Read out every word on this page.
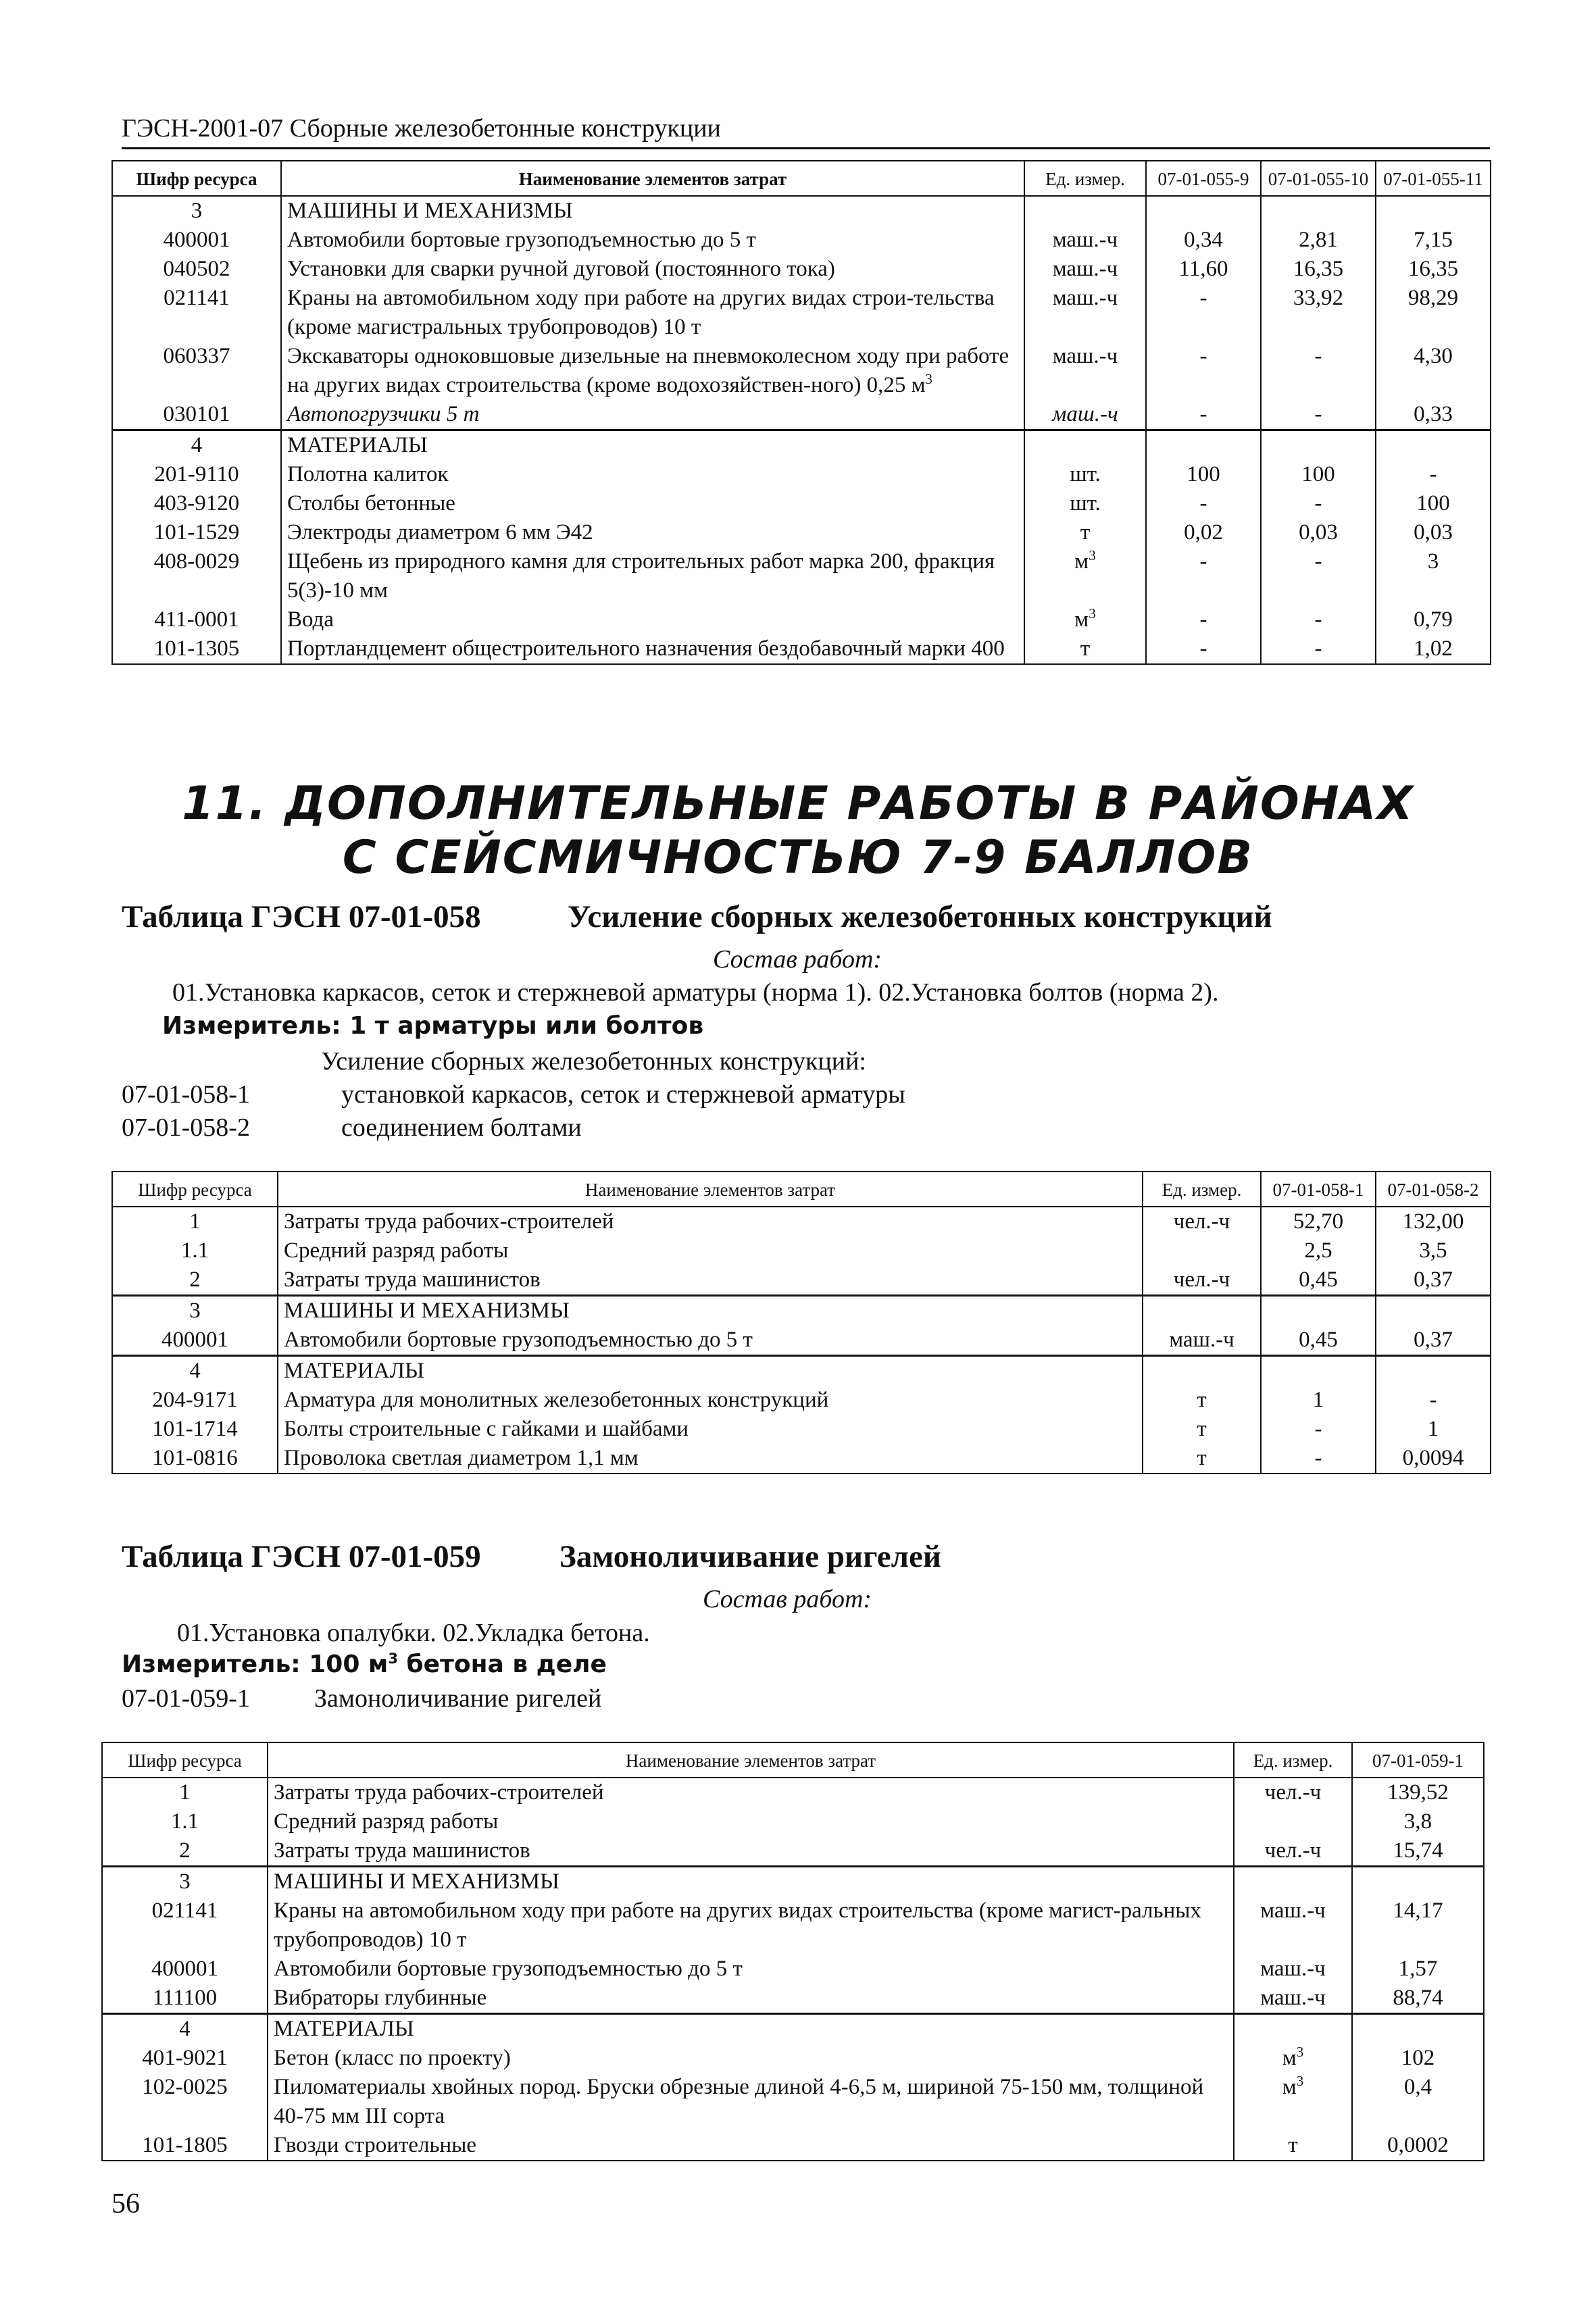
ГЭСН-2001-07 Сборные железобетонные конструкции
Шифр ресурса	Наименование элементов затрат	Ед. измер.	07-01-055-9	07-01-055-10	07-01-055-11
3	МАШИНЫ И МЕХАНИЗМЫ				
400001	Автомобили бортовые грузоподъемностью до 5 т	маш.-ч	0,34	2,81	7,15
040502	Установки для сварки ручной дуговой (постоянного тока)	маш.-ч	11,60	16,35	16,35
021141	Краны на автомобильном ходу при работе на других видах строи-тельства (кроме магистральных трубопроводов) 10 т	маш.-ч	-	33,92	98,29
060337	Экскаваторы одноковшовые дизельные на пневмоколесном ходу при работе на других видах строительства (кроме водохозяйствен-ного) 0,25 $м^3$	маш.-ч	-	-	4,30
030101	Автопогрузчики 5 т	маш.-ч	-	-	0,33
4	МАТЕРИАЛЫ				
201-9110	Полотна калиток	шт.	100	100	-
403-9120	Столбы бетонные	шт.	-	-	100
101-1529	Электроды диаметром 6 мм Э42	т	0,02	0,03	0,03
408-0029	Щебень из природного камня для строительных работ марка 200, фракция 5(3)-10 мм	$м^3$	-	-	3
411-0001	Вода	$м^3$	-	-	0,79
101-1305	Портландцемент общестроительного назначения бездобавочный марки 400	т	-	-	1,02
11. ДОПОЛНИТЕЛЬНЫЕ РАБОТЫ В РАЙОНАХ
С СЕЙСМИЧНОСТЬЮ 7-9 БАЛЛОВ
Таблица ГЭСН 07-01-058	Усиление сборных железобетонных конструкций
Состав работ:
01.Установка каркасов, сеток и стержневой арматуры (норма 1). 02.Установка болтов (норма 2).
Измеритель: 1 т арматуры или болтов
Усиление сборных железобетонных конструкций:
07-01-058-1	установкой каркасов, сеток и стержневой арматуры
07-01-058-2	соединением болтами
Шифр ресурса	Наименование элементов затрат	Ед. измер.	07-01-058-1	07-01-058-2
1	Затраты труда рабочих-строителей	чел.-ч	52,70	132,00
1.1	Средний разряд работы		2,5	3,5
2	Затраты труда машинистов	чел.-ч	0,45	0,37
3	МАШИНЫ И МЕХАНИЗМЫ			
400001	Автомобили бортовые грузоподъемностью до 5 т	маш.-ч	0,45	0,37
4	МАТЕРИАЛЫ			
204-9171	Арматура для монолитных железобетонных конструкций	т	1	-
101-1714	Болты строительные с гайками и шайбами	т	-	1
101-0816	Проволока светлая диаметром 1,1 мм	т	-	0,0094
Таблица ГЭСН 07-01-059 Замоноличивание ригелей
Состав работ:
01.Установка опалубки. 02.Укладка бетона.
Измеритель: 100 $м^3$ бетона в деле
07-01-059-1	Замоноличивание ригелей
Шифр ресурса	Наименование элементов затрат	Ед. измер.	07-01-059-1
1	Затраты труда рабочих-строителей	чел.-ч	139,52
1.1	Средний разряд работы		3,8
2	Затраты труда машинистов	чел.-ч	15,74
3	МАШИНЫ И МЕХАНИЗМЫ		
021141	Краны на автомобильном ходу при работе на других видах строительства (кроме магист-ральных трубопроводов) 10 т	маш.-ч	14,17
400001	Автомобили бортовые грузоподъемностью до 5 т	маш.-ч	1,57
111100	Вибраторы глубинные	маш.-ч	88,74
4	МАТЕРИАЛЫ		
401-9021	Бетон (класс по проекту)	$м^3$	102
102-0025	Пиломатериалы хвойных пород. Бруски обрезные длиной 4-6,5 м, шириной 75-150 мм, толщиной 40-75 мм III сорта	$м^3$	0,4
101-1805	Гвозди строительные	т	0,0002
56
